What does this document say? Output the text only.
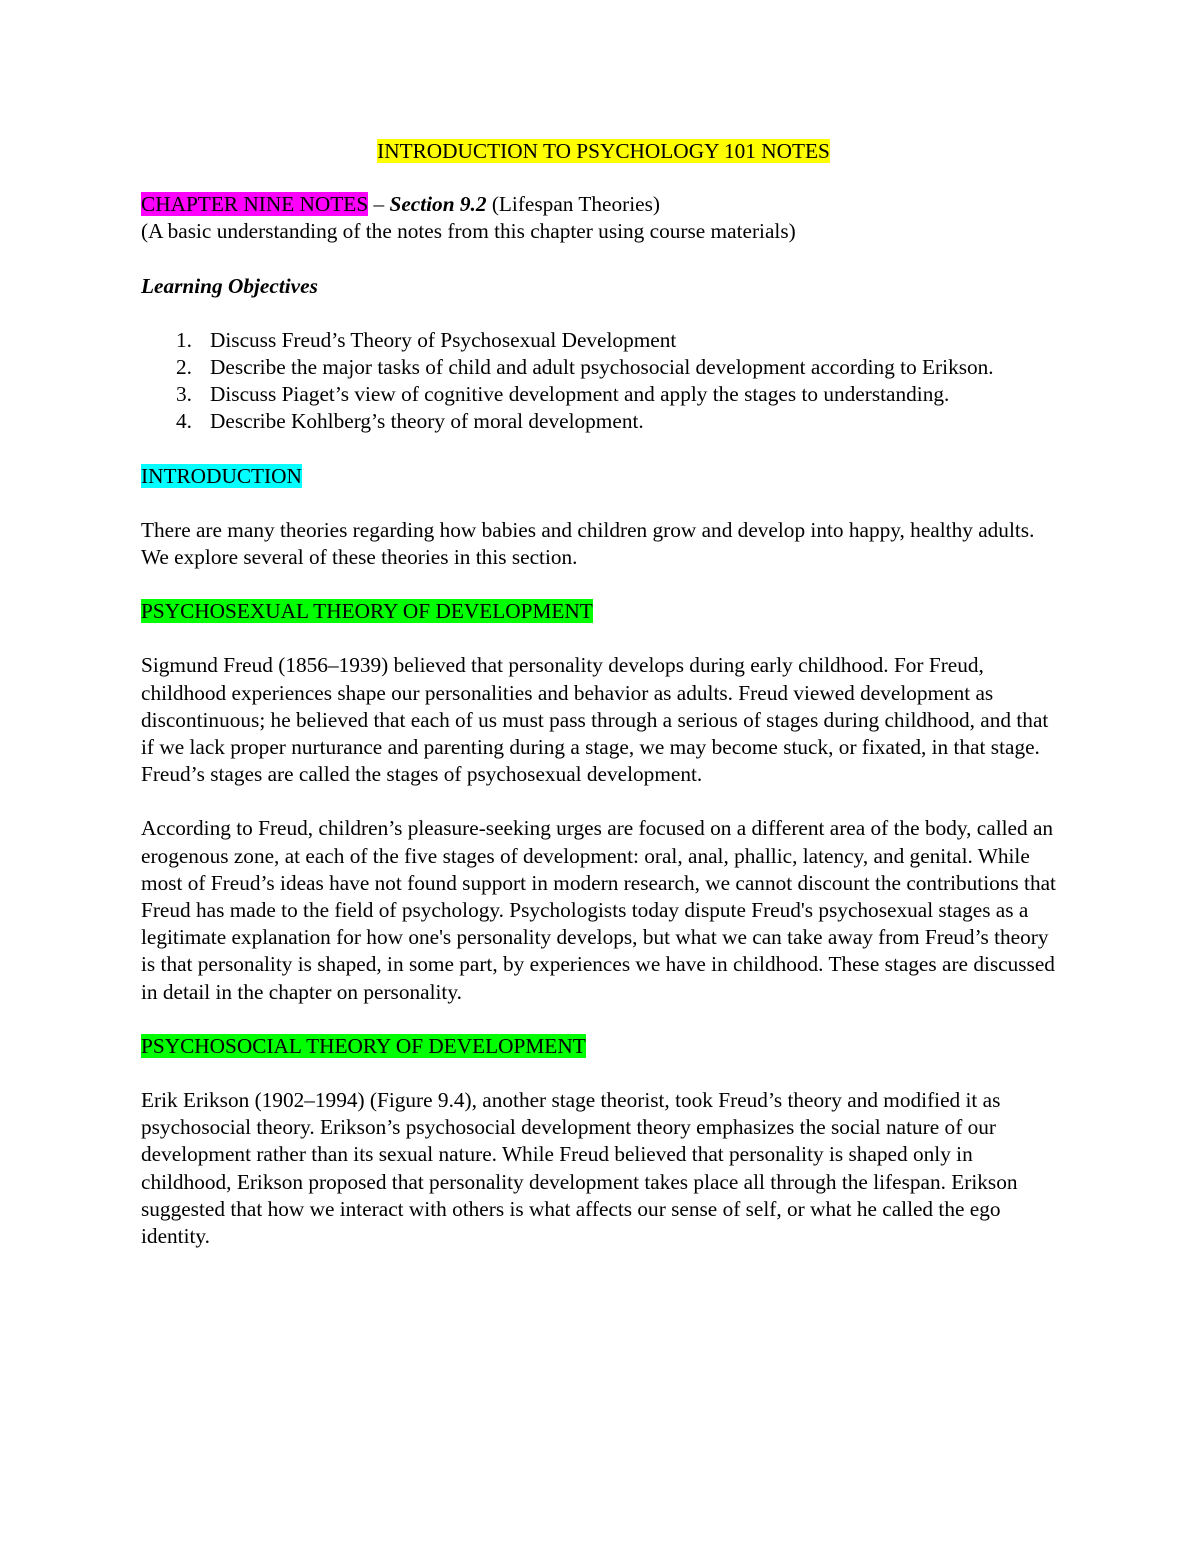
INTRODUCTION TO PSYCHOLOGY 101 NOTES

CHAPTER NINE NOTES – Section 9.2 (Lifespan Theories)

(A basic understanding of the notes from this chapter using course materials)

Learning Objectives

1. Discuss Freud’s Theory of Psychosexual Development
2. Describe the major tasks of child and adult psychosocial development according to Erikson.
3. Discuss Piaget’s view of cognitive development and apply the stages to understanding.
4. Describe Kohlberg’s theory of moral development.

INTRODUCTION

There are many theories regarding how babies and children grow and develop into happy, healthy adults. We explore several of these theories in this section.

PSYCHOSEXUAL THEORY OF DEVELOPMENT

Sigmund Freud (1856–1939) believed that personality develops during early childhood. For Freud, childhood experiences shape our personalities and behavior as adults. Freud viewed development as discontinuous; he believed that each of us must pass through a serious of stages during childhood, and that if we lack proper nurturance and parenting during a stage, we may become stuck, or fixated, in that stage. Freud’s stages are called the stages of psychosexual development.

According to Freud, children’s pleasure-seeking urges are focused on a different area of the body, called an erogenous zone, at each of the five stages of development: oral, anal, phallic, latency, and genital. While most of Freud’s ideas have not found support in modern research, we cannot discount the contributions that Freud has made to the field of psychology. Psychologists today dispute Freud's psychosexual stages as a legitimate explanation for how one's personality develops, but what we can take away from Freud’s theory is that personality is shaped, in some part, by experiences we have in childhood. These stages are discussed in detail in the chapter on personality.

PSYCHOSOCIAL THEORY OF DEVELOPMENT

Erik Erikson (1902–1994) (Figure 9.4), another stage theorist, took Freud’s theory and modified it as psychosocial theory. Erikson’s psychosocial development theory emphasizes the social nature of our development rather than its sexual nature. While Freud believed that personality is shaped only in childhood, Erikson proposed that personality development takes place all through the lifespan. Erikson suggested that how we interact with others is what affects our sense of self, or what he called the ego identity.
